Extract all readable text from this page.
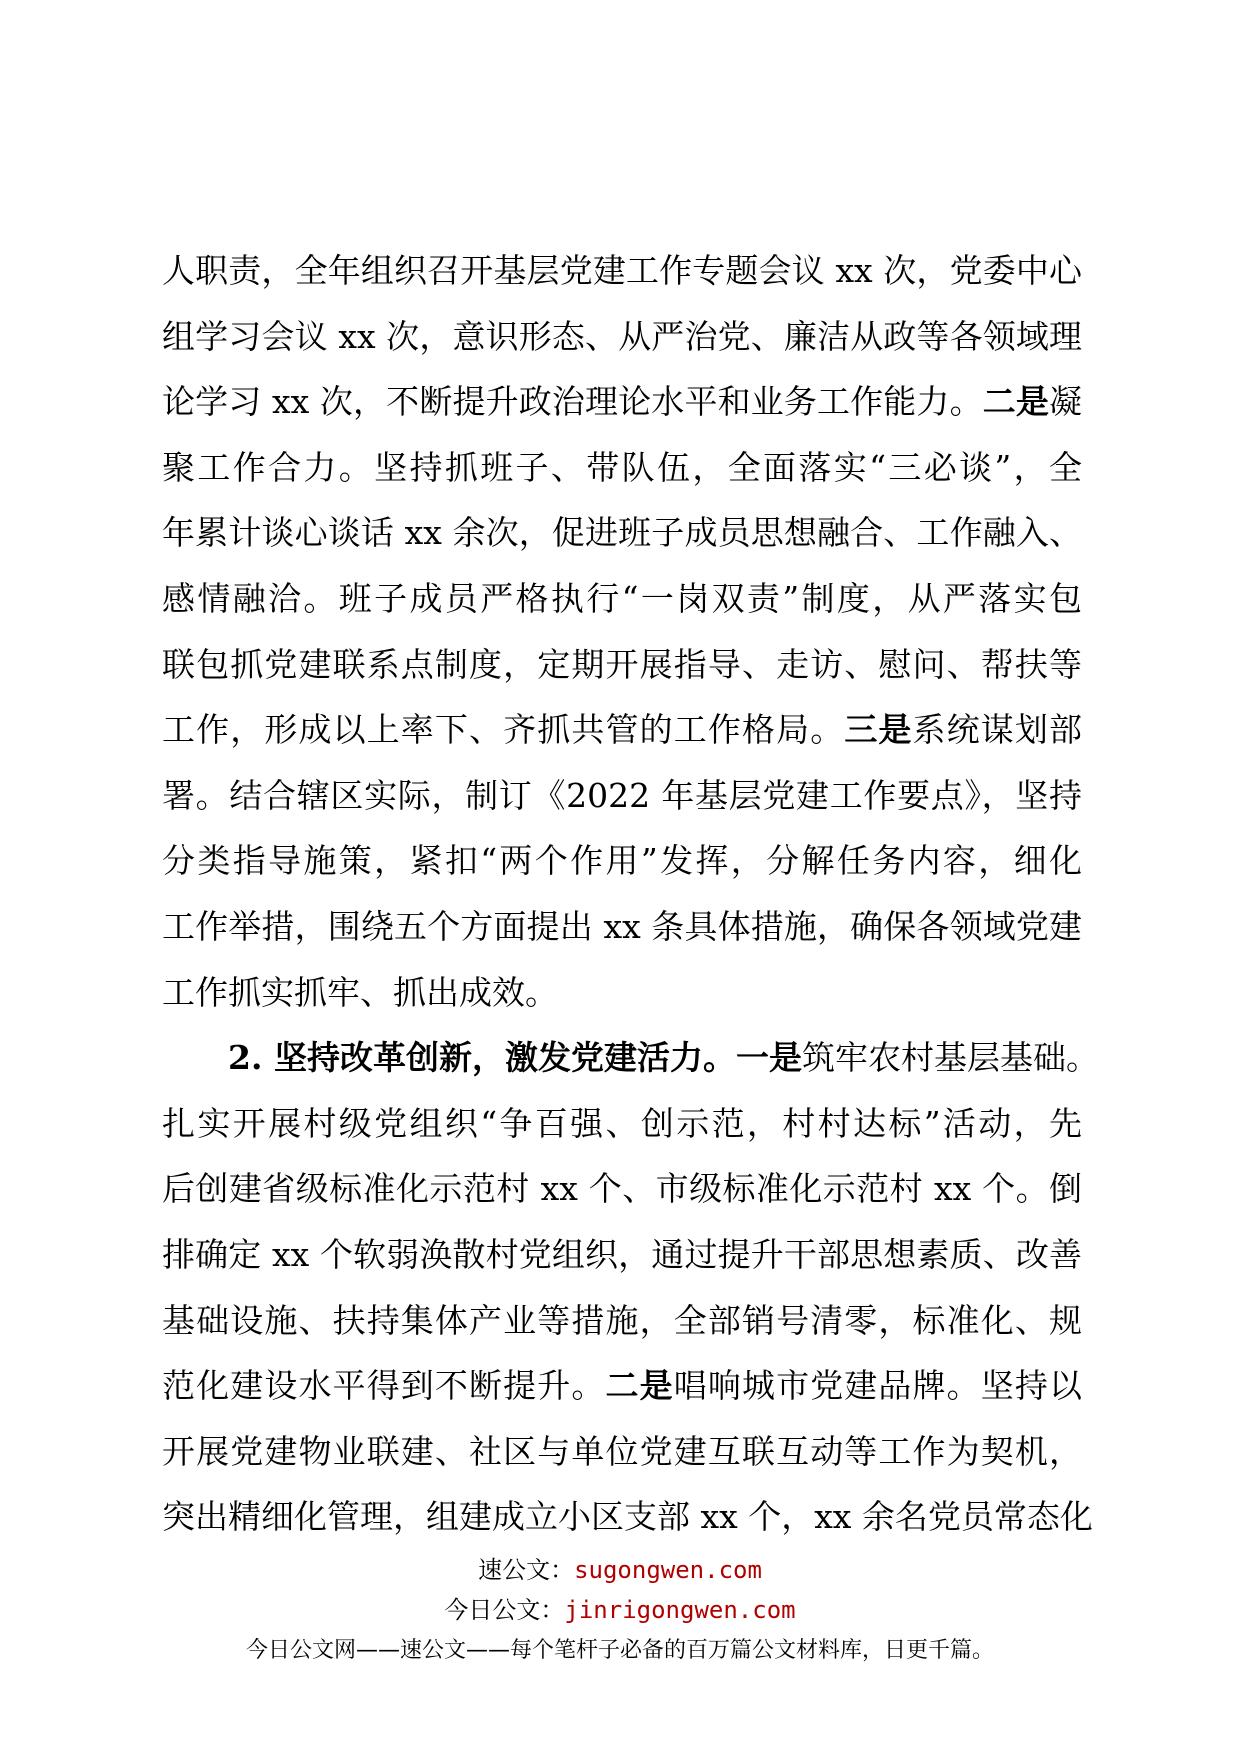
人职责，全年组织召开基层党建工作专题会议 xx 次，党委中心
组学习会议 xx 次，意识形态、从严治党、廉洁从政等各领域理
论学习 xx 次，不断提升政治理论水平和业务工作能力。二是凝
聚工作合力。坚持抓班子、带队伍，全面落实“三必谈”，全
年累计谈心谈话 xx 余次，促进班子成员思想融合、工作融入、
感情融洽。班子成员严格执行“一岗双责”制度，从严落实包
联包抓党建联系点制度，定期开展指导、走访、慰问、帮扶等
工作，形成以上率下、齐抓共管的工作格局。三是系统谋划部
署。结合辖区实际，制订《2022 年基层党建工作要点》，坚持
分类指导施策，紧扣“两个作用”发挥，分解任务内容，细化
工作举措，围绕五个方面提出 xx 条具体措施，确保各领域党建
工作抓实抓牢、抓出成效。
2. 坚持改革创新，激发党建活力。一是筑牢农村基层基础。
扎实开展村级党组织“争百强、创示范，村村达标”活动，先
后创建省级标准化示范村 xx 个、市级标准化示范村 xx 个。倒
排确定 xx 个软弱涣散村党组织，通过提升干部思想素质、改善
基础设施、扶持集体产业等措施，全部销号清零，标准化、规
范化建设水平得到不断提升。二是唱响城市党建品牌。坚持以
开展党建物业联建、社区与单位党建互联互动等工作为契机，
突出精细化管理，组建成立小区支部 xx 个，xx 余名党员常态化
速公文：sugongwen.com
今日公文：jinrigongwen.com
今日公文网——速公文——每个笔杆子必备的百万篇公文材料库，日更千篇。
